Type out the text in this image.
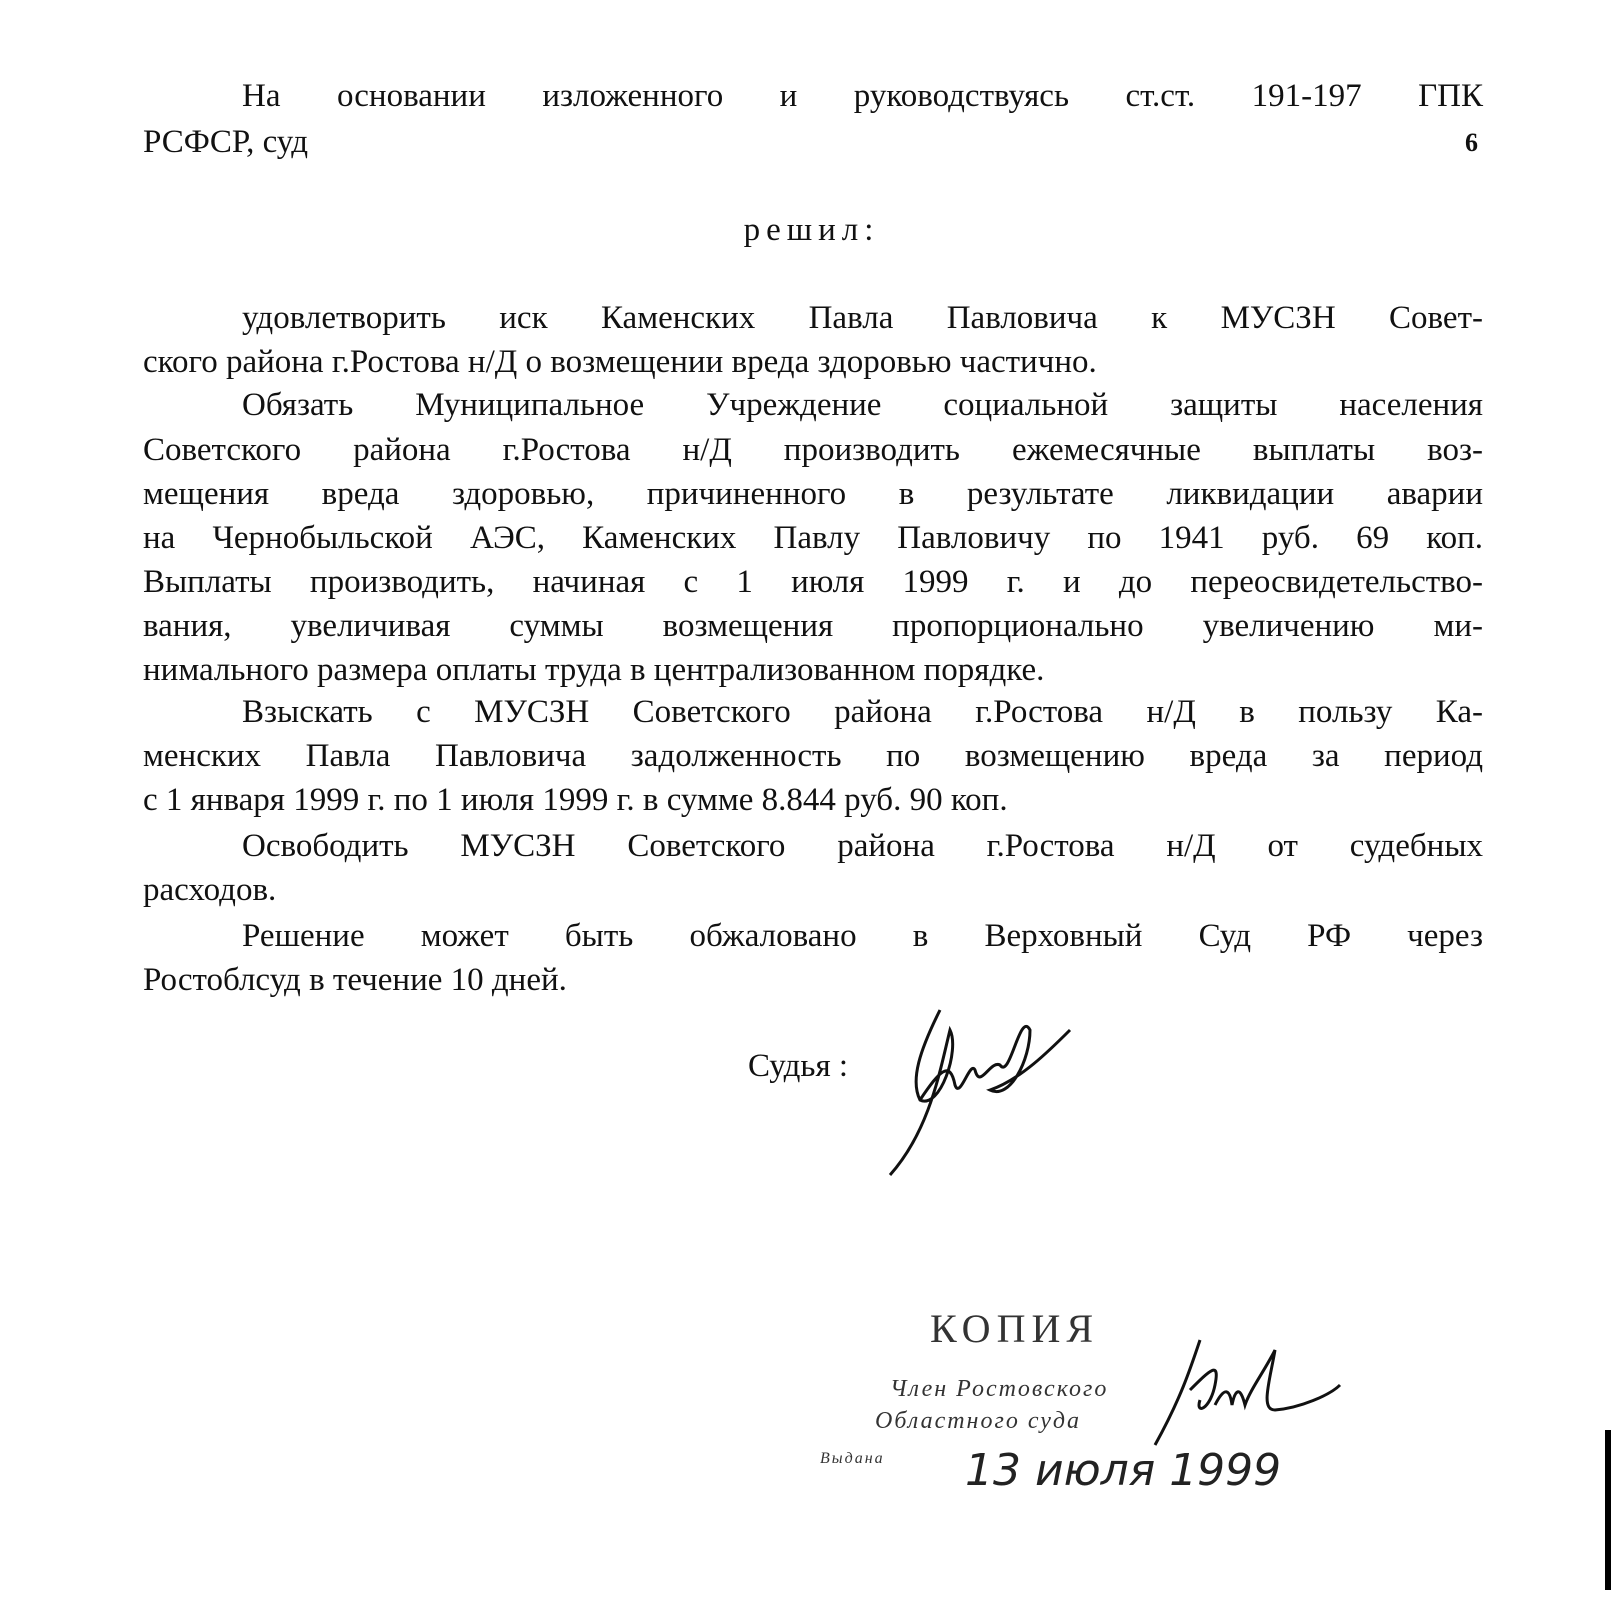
6
На основании изложенного и руководствуясь ст.ст. 191-197 ГПК
РСФСР, суд
решил:
удовлетворить иск Каменских Павла Павловича к МУСЗН Совет-
ского района г.Ростова н/Д о возмещении вреда здоровью частично.
Обязать Муниципальное Учреждение социальной защиты населения
Советского района г.Ростова н/Д производить ежемесячные выплаты воз-
мещения вреда здоровью, причиненного в результате ликвидации аварии
на Чернобыльской АЭС, Каменских Павлу Павловичу по 1941 руб. 69 коп.
Выплаты производить, начиная с 1 июля 1999 г. и до переосвидетельство-
вания, увеличивая суммы возмещения пропорционально увеличению ми-
нимального размера оплаты труда в централизованном порядке.
Взыскать с МУСЗН Советского района г.Ростова н/Д в пользу Ка-
менских Павла Павловича задолженность по возмещению вреда за период
с 1 января 1999 г. по 1 июля 1999 г. в сумме 8.844 руб. 90 коп.
Освободить МУСЗН Советского района г.Ростова н/Д от судебных
расходов.
Решение может быть обжаловано в Верховный Суд РФ через
Ростоблсуд в течение 10 дней.
Судья :
КОПИЯ
Член Ростовского
Областного суда
Выдана 13 июля 1999
